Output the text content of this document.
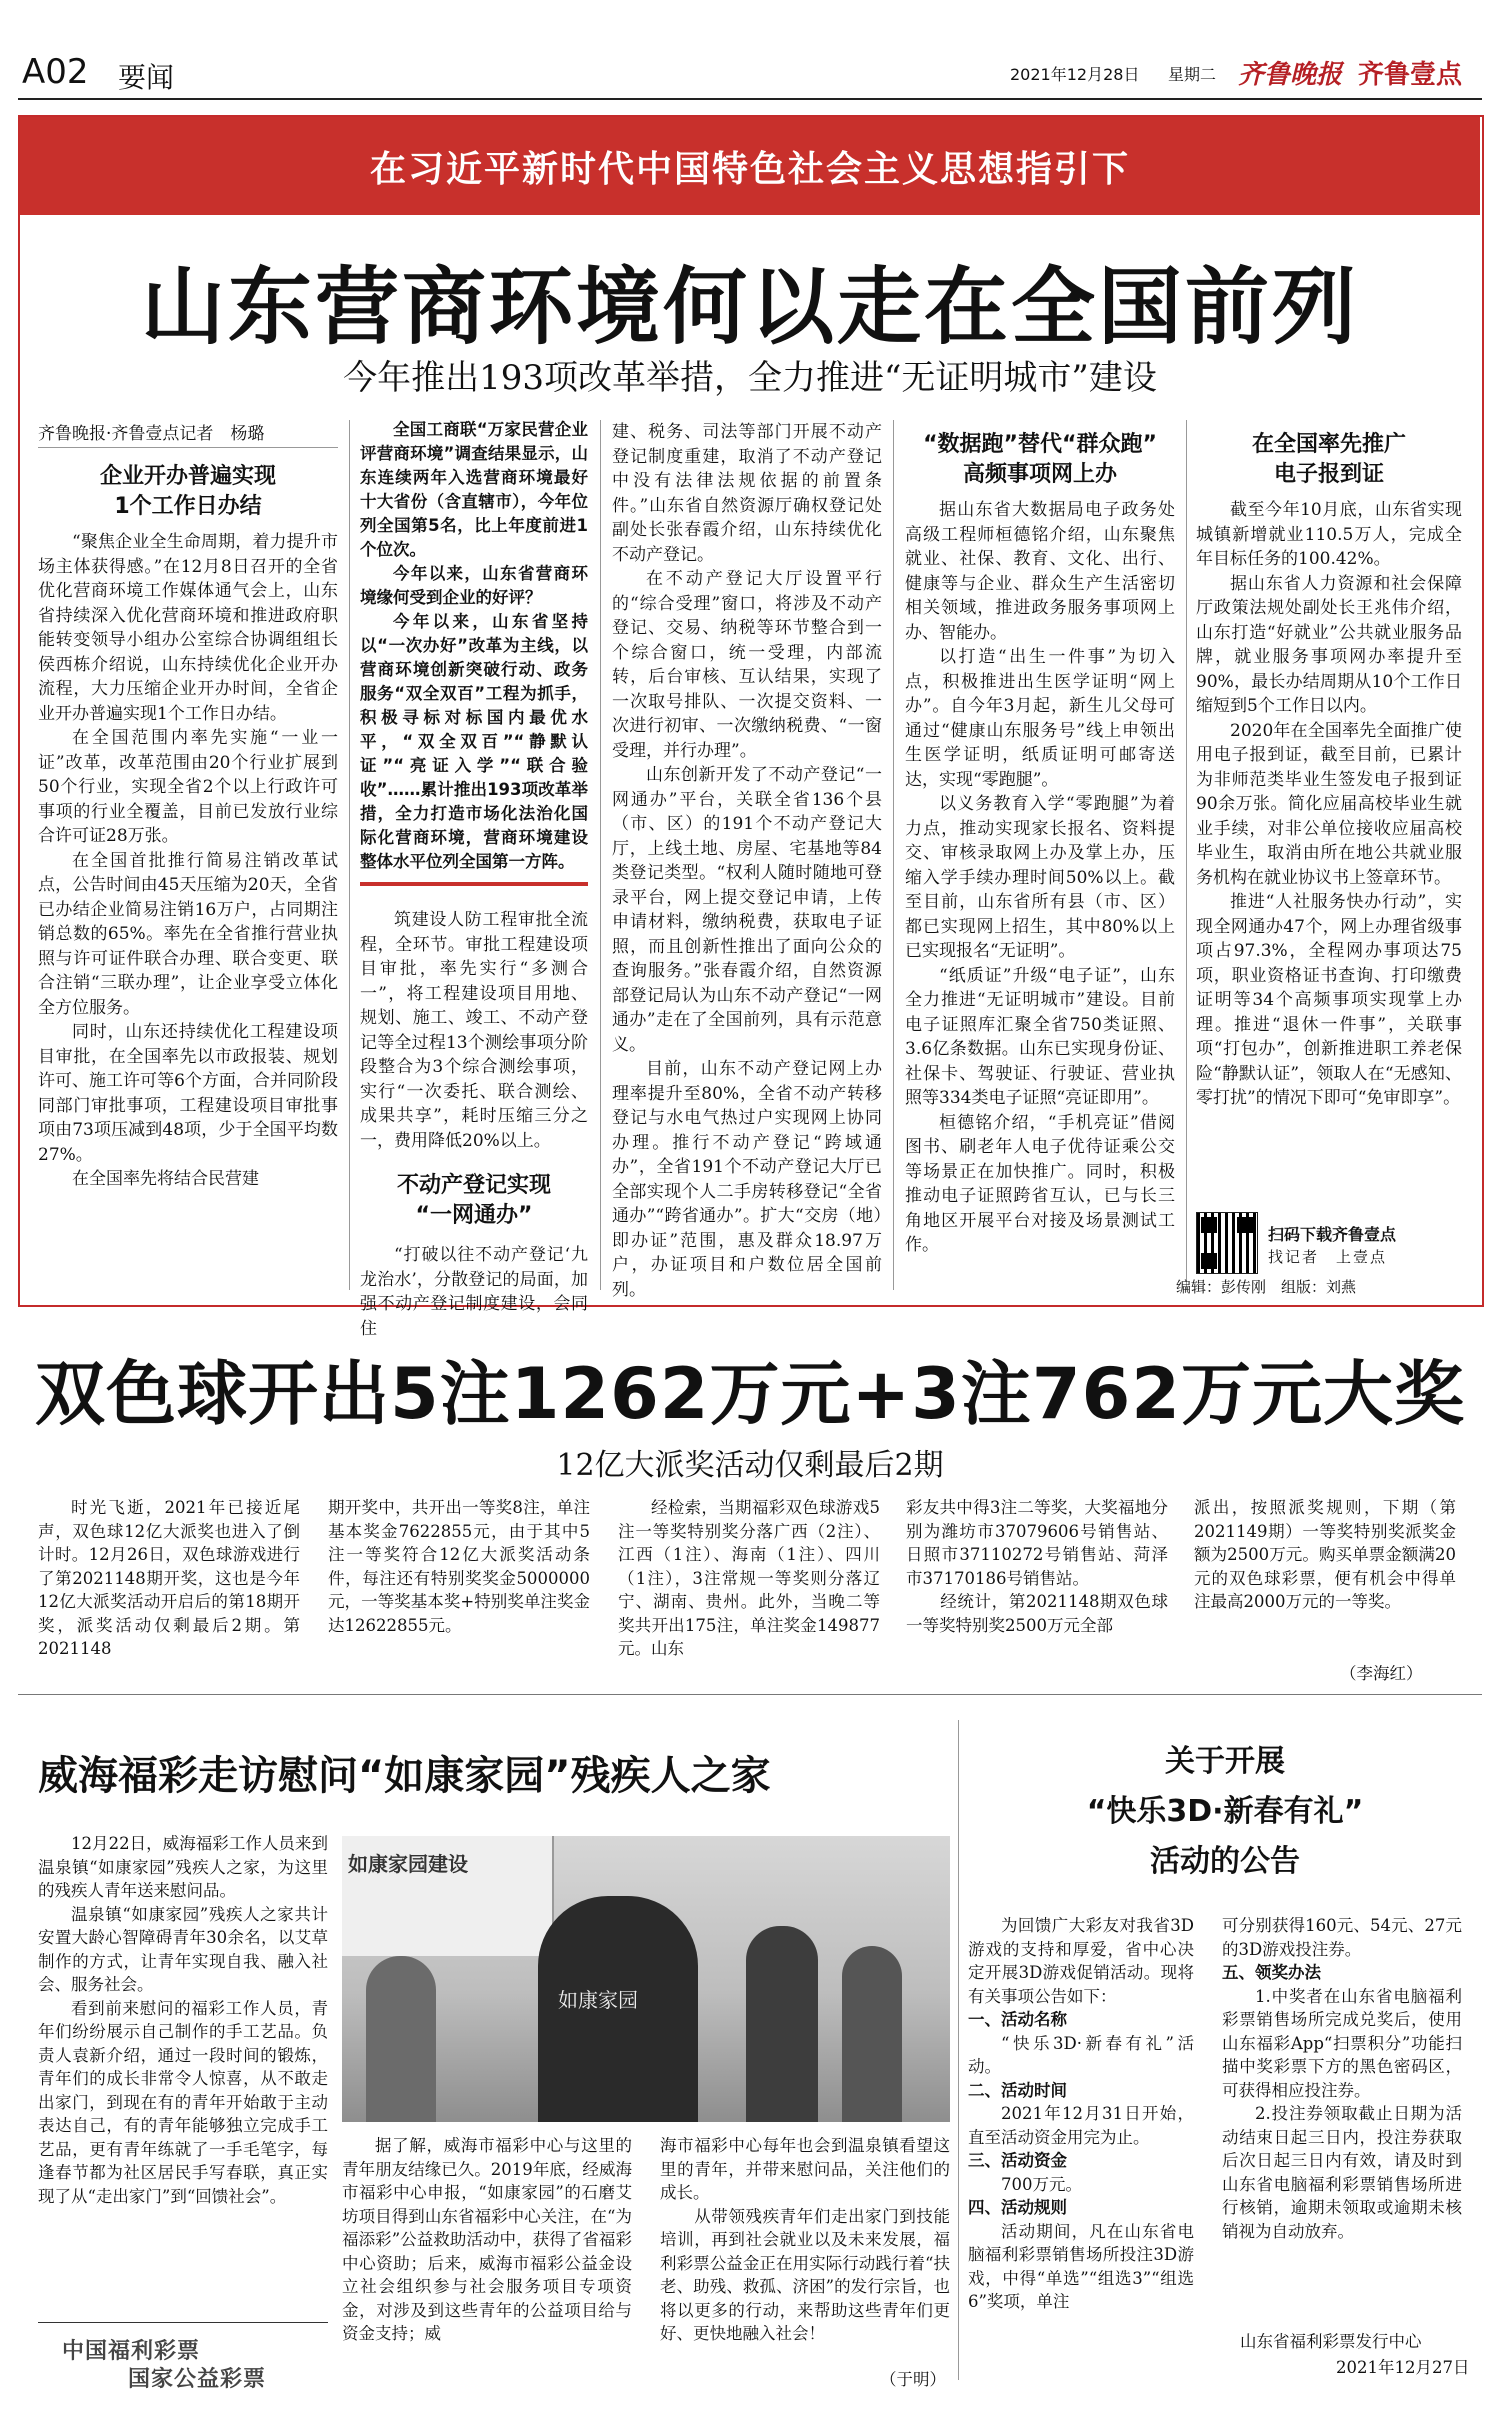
A02 要闻	2021年12月28日 星期二 齐鲁晚报 齐鲁壹点
在习近平新时代中国特色社会主义思想指引下
山东营商环境何以走在全国前列
今年推出193项改革举措，全力推进“无证明城市”建设
齐鲁晚报·齐鲁壹点记者　杨璐
企业开办普遍实现
1个工作日办结

“聚焦企业全生命周期，着力提升市场主体获得感。”在12月8日召开的全省优化营商环境工作媒体通气会上，山东省持续深入优化营商环境和推进政府职能转变领导小组办公室综合协调组组长侯西栋介绍说，山东持续优化企业开办流程，大力压缩企业开办时间，全省企业开办普遍实现1个工作日办结。

在全国范围内率先实施“一业一证”改革，改革范围由20个行业扩展到50个行业，实现全省2个以上行政许可事项的行业全覆盖，目前已发放行业综合许可证28万张。

在全国首批推行简易注销改革试点，公告时间由45天压缩为20天，全省已办结企业简易注销16万户，占同期注销总数的65%。率先在全省推行营业执照与许可证件联合办理、联合变更、联合注销“三联办理”，让企业享受立体化全方位服务。

同时，山东还持续优化工程建设项目审批，在全国率先以市政报装、规划许可、施工许可等6个方面，合并同阶段同部门审批事项，工程建设项目审批事项由73项压减到48项，少于全国平均数27%。

在全国率先将结合民营建

全国工商联“万家民营企业评营商环境”调查结果显示，山东连续两年入选营商环境最好十大省份（含直辖市），今年位列全国第5名，比上年度前进1个位次。

今年以来，山东省营商环境缘何受到企业的好评？

今年以来，山东省坚持以“一次办好”改革为主线，以营商环境创新突破行动、政务服务“双全双百”工程为抓手，积极寻标对标国内最优水平，“双全双百”“静默认证”“亮证入学”“联合验收”……累计推出193项改革举措，全力打造市场化法治化国际化营商环境，营商环境建设整体水平位列全国第一方阵。

筑建设人防工程审批全流程，全环节。审批工程建设项目审批，率先实行“多测合一”，将工程建设项目用地、规划、施工、竣工、不动产登记等全过程13个测绘事项分阶段整合为3个综合测绘事项，实行“一次委托、联合测绘、成果共享”，耗时压缩三分之一，费用降低20%以上。

不动产登记实现
“一网通办”

“打破以往不动产登记‘九龙治水’，分散登记的局面，加强不动产登记制度建设，会同住

建、税务、司法等部门开展不动产登记制度重建，取消了不动产登记中没有法律法规依据的前置条件。”山东省自然资源厅确权登记处副处长张春霞介绍，山东持续优化不动产登记。

在不动产登记大厅设置平行的“综合受理”窗口，将涉及不动产登记、交易、纳税等环节整合到一个综合窗口，统一受理，内部流转，后台审核、互认结果，实现了一次取号排队、一次提交资料、一次进行初审、一次缴纳税费、“一窗受理，并行办理”。

山东创新开发了不动产登记“一网通办”平台，关联全省136个县（市、区）的191个不动产登记大厅，上线土地、房屋、宅基地等84类登记类型。“权利人随时随地可登录平台，网上提交登记申请，上传申请材料，缴纳税费，获取电子证照，而且创新性推出了面向公众的查询服务。”张春霞介绍，自然资源部登记局认为山东不动产登记“一网通办”走在了全国前列，具有示范意义。

目前，山东不动产登记网上办理率提升至80%，全省不动产转移登记与水电气热过户实现网上协同办理。推行不动产登记“跨域通办”，全省191个不动产登记大厅已全部实现个人二手房转移登记“全省通办”“跨省通办”。扩大“交房（地）即办证”范围，惠及群众18.97万户，办证项目和户数位居全国前列。

“数据跑”替代“群众跑”
高频事项网上办

据山东省大数据局电子政务处高级工程师桓德铭介绍，山东聚焦就业、社保、教育、文化、出行、健康等与企业、群众生产生活密切相关领域，推进政务服务事项网上办、智能办。

以打造“出生一件事”为切入点，积极推进出生医学证明“网上办”。自今年3月起，新生儿父母可通过“健康山东服务号”线上申领出生医学证明，纸质证明可邮寄送达，实现“零跑腿”。

以义务教育入学“零跑腿”为着力点，推动实现家长报名、资料提交、审核录取网上办及掌上办，压缩入学手续办理时间50%以上。截至目前，山东省所有县（市、区）都已实现网上招生，其中80%以上已实现报名“无证明”。

“纸质证”升级“电子证”，山东全力推进“无证明城市”建设。目前电子证照库汇聚全省750类证照、3.6亿条数据。山东已实现身份证、社保卡、驾驶证、行驶证、营业执照等334类电子证照“亮证即用”。

桓德铭介绍，“手机亮证”借阅图书、刷老年人电子优待证乘公交等场景正在加快推广。同时，积极推动电子证照跨省互认，已与长三角地区开展平台对接及场景测试工作。

在全国率先推广
电子报到证

截至今年10月底，山东省实现城镇新增就业110.5万人，完成全年目标任务的100.42%。

据山东省人力资源和社会保障厅政策法规处副处长王兆伟介绍，山东打造“好就业”公共就业服务品牌，就业服务事项网办率提升至90%，最长办结周期从10个工作日缩短到5个工作日以内。

2020年在全国率先全面推广使用电子报到证，截至目前，已累计为非师范类毕业生签发电子报到证90余万张。简化应届高校毕业生就业手续，对非公单位接收应届高校毕业生，取消由所在地公共就业服务机构在就业协议书上签章环节。

推进“人社服务快办行动”，实现全网通办47个，网上办理省级事项占97.3%，全程网办事项达75项，职业资格证书查询、打印缴费证明等34个高频事项实现掌上办理。推进“退休一件事”，关联事项“打包办”，创新推进职工养老保险“静默认证”，领取人在“无感知、零打扰”的情况下即可“免审即享”。

扫码下载齐鲁壹点
找记者　上壹点
编辑：彭传刚　组版：刘燕
双色球开出5注1262万元+3注762万元大奖
12亿大派奖活动仅剩最后2期

时光飞逝，2021年已接近尾声，双色球12亿大派奖也进入了倒计时。12月26日，双色球游戏进行了第2021148期开奖，这也是今年12亿大派奖活动开启后的第18期开奖，派奖活动仅剩最后2期。第2021148

期开奖中，共开出一等奖8注，单注基本奖金7622855元，由于其中5注一等奖符合12亿大派奖活动条件，每注还有特别奖奖金5000000元，一等奖基本奖+特别奖单注奖金达12622855元。

经检索，当期福彩双色球游戏5注一等奖特别奖分落广西（2注）、江西（1注）、海南（1注）、四川（1注），3注常规一等奖则分落辽宁、湖南、贵州。此外，当晚二等奖共开出175注，单注奖金149877元。山东

彩友共中得3注二等奖，大奖福地分别为潍坊市37079606号销售站、日照市37110272号销售站、菏泽市37170186号销售站。
　　经统计，第2021148期双色球一等奖特别奖2500万元全部

派出，按照派奖规则，下期（第2021149期）一等奖特别奖派奖金额为2500万元。购买单票金额满20元的双色球彩票，便有机会中得单注最高2000万元的一等奖。

（李海红）
威海福彩走访慰问“如康家园”残疾人之家

12月22日，威海福彩工作人员来到温泉镇“如康家园”残疾人之家，为这里的残疾人青年送来慰问品。

温泉镇“如康家园”残疾人之家共计安置大龄心智障碍青年30余名，以艾草制作的方式，让青年实现自我、融入社会、服务社会。

看到前来慰问的福彩工作人员，青年们纷纷展示自己制作的手工艺品。负责人袁新介绍，通过一段时间的锻炼，青年们的成长非常令人惊喜，从不敢走出家门，到现在有的青年开始敢于主动表达自己，有的青年能够独立完成手工艺品，更有青年练就了一手毛笔字，每逢春节都为社区居民手写春联，真正实现了从“走出家门”到“回馈社会”。

如康家园建设
如康家园

据了解，威海市福彩中心与这里的青年朋友结缘已久。2019年底，经威海市福彩中心申报，“如康家园”的石磨艾坊项目得到山东省福彩中心关注，在“为福添彩”公益救助活动中，获得了省福彩中心资助；后来，威海市福彩公益金设立社会组织参与社会服务项目专项资金，对涉及到这些青年的公益项目给与资金支持；威

海市福彩中心每年也会到温泉镇看望这里的青年，并带来慰问品，关注他们的成长。
　　从带领残疾青年们走出家门到技能培训，再到社会就业以及未来发展，福利彩票公益金正在用实际行动践行着“扶老、助残、救孤、济困”的发行宗旨，也将以更多的行动，来帮助这些青年们更好、更快地融入社会！

（于明）
中国福利彩票
国家公益彩票
关于开展
“快乐3D·新春有礼”
活动的公告

为回馈广大彩友对我省3D游戏的支持和厚爱，省中心决定开展3D游戏促销活动。现将有关事项公告如下：

一、活动名称

“快乐3D·新春有礼”活动。

二、活动时间

2021年12月31日开始，直至活动资金用完为止。

三、活动资金

700万元。

四、活动规则

活动期间，凡在山东省电脑福利彩票销售场所投注3D游戏，中得“单选”“组选3”“组选6”奖项，单注

可分别获得160元、54元、27元的3D游戏投注券。

五、领奖办法

1.中奖者在山东省电脑福利彩票销售场所完成兑奖后，使用山东福彩App“扫票积分”功能扫描中奖彩票下方的黑色密码区，可获得相应投注券。

2.投注券领取截止日期为活动结束日起三日内，投注券获取后次日起三日内有效，请及时到山东省电脑福利彩票销售场所进行核销，逾期未领取或逾期未核销视为自动放弃。

山东省福利彩票发行中心
2021年12月27日
